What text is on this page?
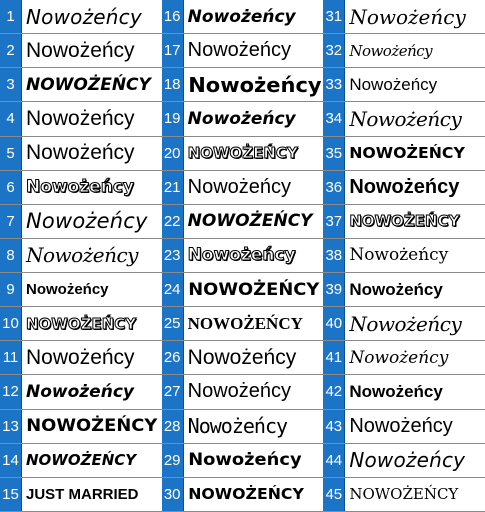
1 Nowożeńcy
2 Nowożeńcy
3 NOWOŻEŃCY
4 Nowożeńcy
5 Nowożeńcy
6 Nowożeńcy
7 Nowożeńcy
8 Nowożeńcy
9 Nowożeńcy
10 NOWOŻEŃCY
11 Nowożeńcy
12 Nowożeńcy
13 NOWOŻEŃCY
14 NOWOŻEŃCY
15 JUST MARRIED
16 Nowożeńcy
17 Nowożeńcy
18 Nowożeńcy
19 Nowożeńcy
20 NOWOŻEŃCY
21 Nowożeńcy
22 NOWOŻEŃCY
23 Nowożeńcy
24 NOWOŻEŃCY
25 NOWOŻEŃCY
26 Nowożeńcy
27 Nowożeńcy
28 Nowożeńcy
29 Nowożeńcy
30 NOWOŻEŃCY
31 Nowożeńcy
32 Nowożeńcy
33 Nowożeńcy
34 Nowożeńcy
35 NOWOŻEŃCY
36 Nowożeńcy
37 NOWOŻEŃCY
38 Nowożeńcy
39 Nowożeńcy
40 Nowożeńcy
41 Nowożeńcy
42 Nowożeńcy
43 Nowożeńcy
44 Nowożeńcy
45 NOWOŻEŃCY
